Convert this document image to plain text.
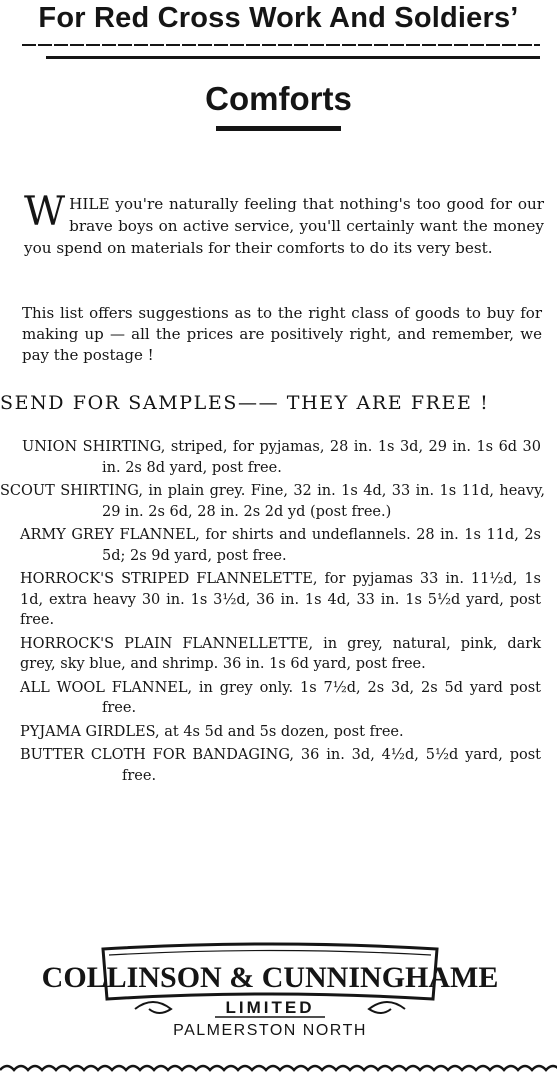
For Red Cross Work And Soldiers’
Comforts
WHILE you're naturally feeling that nothing's too good for our brave boys on active service, you'll certainly want the money you spend on materials for their comforts to do its very best.
This list offers suggestions as to the right class of goods to buy for making up — all the prices are positively right, and remember, we pay the postage !
SEND FOR SAMPLES—— THEY ARE FREE !
UNION SHIRTING, striped, for pyjamas, 28 in. 1s 3d, 29 in. 1s 6d 30 in. 2s 8d yard, post free.
SCOUT SHIRTING, in plain grey. Fine, 32 in. 1s 4d, 33 in. 1s 11d, heavy, 29 in. 2s 6d, 28 in. 2s 2d yd (post free.)
ARMY GREY FLANNEL, for shirts and undeflannels. 28 in. 1s 11d, 2s 5d; 2s 9d yard, post free.
HORROCK'S STRIPED FLANNELETTE, for pyjamas 33 in. 11½d, 1s 1d, extra heavy 30 in. 1s 3½d, 36 in. 1s 4d, 33 in. 1s 5½d yard, post free.
HORROCK'S PLAIN FLANNELLETTE, in grey, natural, pink, dark grey, sky blue, and shrimp. 36 in. 1s 6d yard, post free.
ALL WOOL FLANNEL, in grey only. 1s 7½d, 2s 3d, 2s 5d yard post free.
PYJAMA GIRDLES, at 4s 5d and 5s dozen, post free.
BUTTER CLOTH FOR BANDAGING, 36 in. 3d, 4½d, 5½d yard, post free.
COLLINSON & CUNNINGHAME
LIMITED
PALMERSTON NORTH
